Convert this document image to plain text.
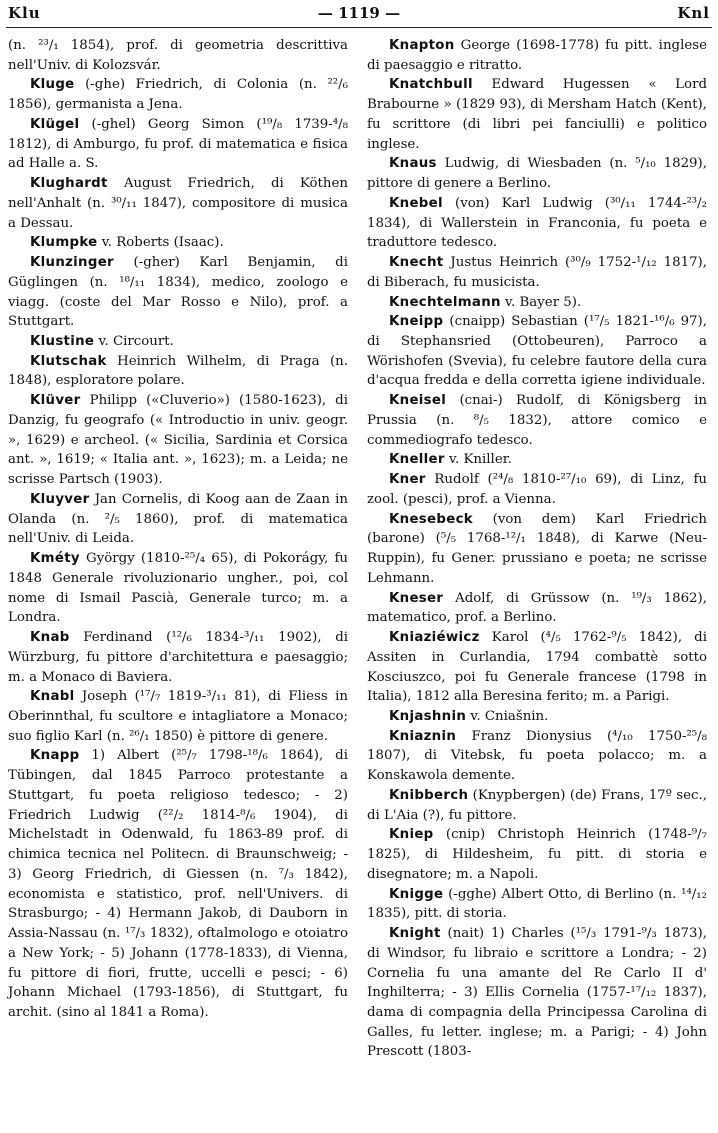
Klu	— 1119 —	Knl

(n. ²³/₁ 1854), prof. di geometria descrittiva nell'Univ. di Kolozsvár.

Kluge (-ghe) Friedrich, di Colonia (n. ²²/₆ 1856), germanista a Jena.

Klügel (-ghel) Georg Simon (¹⁹/₈ 1739-⁴/₈ 1812), di Amburgo, fu prof. di matematica e fisica ad Halle a. S.

Klughardt August Friedrich, di Köthen nell'Anhalt (n. ³⁰/₁₁ 1847), compositore di musica a Dessau.

Klumpke v. Roberts (Isaac).

Klunzinger (-gher) Karl Benjamin, di Güglingen (n. ¹⁸/₁₁ 1834), medico, zoologo e viagg. (coste del Mar Rosso e Nilo), prof. a Stuttgart.

Klustine v. Circourt.

Klutschak Heinrich Wilhelm, di Praga (n. 1848), esploratore polare.

Klüver Philipp («Cluverio») (1580-1623), di Danzig, fu geografo (« Introductio in univ. geogr. », 1629) e archeol. (« Sicilia, Sardinia et Corsica ant. », 1619; « Italia ant. », 1623); m. a Leida; ne scrisse Partsch (1903).

Kluyver Jan Cornelis, di Koog aan de Zaan in Olanda (n. ²/₅ 1860), prof. di matematica nell'Univ. di Leida.

Kméty György (1810-²⁵/₄ 65), di Pokorágy, fu 1848 Generale rivoluzionario ungher., poi, col nome di Ismail Pascià, Generale turco; m. a Londra.

Knab Ferdinand (¹²/₆ 1834-³/₁₁ 1902), di Würzburg, fu pittore d'architettura e paesaggio; m. a Monaco di Baviera.

Knabl Joseph (¹⁷/₇ 1819-³/₁₁ 81), di Fliess in Oberinnthal, fu scultore e intagliatore a Monaco; suo figlio Karl (n. ²⁶/₁ 1850) è pittore di genere.

Knapp 1) Albert (²⁵/₇ 1798-¹⁸/₆ 1864), di Tübingen, dal 1845 Parroco protestante a Stuttgart, fu poeta religioso tedesco; - 2) Friedrich Ludwig (²²/₂ 1814-⁸/₆ 1904), di Michelstadt in Odenwald, fu 1863-89 prof. di chimica tecnica nel Politecn. di Braunschweig; - 3) Georg Friedrich, di Giessen (n. ⁷/₃ 1842), economista e statistico, prof. nell'Univers. di Strasburgo; - 4) Hermann Jakob, di Dauborn in Assia-Nassau (n. ¹⁷/₃ 1832), oftalmologo e otoiatro a New York; - 5) Johann (1778-1833), di Vienna, fu pittore di fiori, frutte, uccelli e pesci; - 6) Johann Michael (1793-1856), di Stuttgart, fu archit. (sino al 1841 a Roma).

Knapton George (1698-1778) fu pitt. inglese di paesaggio e ritratto.

Knatchbull Edward Hugessen « Lord Brabourne » (1829 93), di Mersham Hatch (Kent), fu scrittore (di libri pei fanciulli) e politico inglese.

Knaus Ludwig, di Wiesbaden (n. ⁵/₁₀ 1829), pittore di genere a Berlino.

Knebel (von) Karl Ludwig (³⁰/₁₁ 1744-²³/₂ 1834), di Wallerstein in Franconia, fu poeta e traduttore tedesco.

Knecht Justus Heinrich (³⁰/₉ 1752-¹/₁₂ 1817), di Biberach, fu musicista.

Knechtelmann v. Bayer 5).

Kneipp (cnaipp) Sebastian (¹⁷/₅ 1821-¹⁶/₆ 97), di Stephansried (Ottobeuren), Parroco a Wörishofen (Svevia), fu celebre fautore della cura d'acqua fredda e della corretta igiene individuale.

Kneisel (cnai-) Rudolf, di Königsberg in Prussia (n. ⁸/₅ 1832), attore comico e commediografo tedesco.

Kneller v. Kniller.

Kner Rudolf (²⁴/₈ 1810-²⁷/₁₀ 69), di Linz, fu zool. (pesci), prof. a Vienna.

Knesebeck (von dem) Karl Friedrich (barone) (⁵/₅ 1768-¹²/₁ 1848), di Karwe (Neu-Ruppin), fu Gener. prussiano e poeta; ne scrisse Lehmann.

Kneser Adolf, di Grüssow (n. ¹⁹/₃ 1862), matematico, prof. a Berlino.

Kniaziéwicz Karol (⁴/₅ 1762-⁹/₅ 1842), di Assiten in Curlandia, 1794 combattè sotto Kosciuszco, poi fu Generale francese (1798 in Italia), 1812 alla Beresina ferito; m. a Parigi.

Knjashnin v. Cniašnin.

Kniaznin Franz Dionysius (⁴/₁₀ 1750-²⁵/₈ 1807), di Vitebsk, fu poeta polacco; m. a Konskawola demente.

Knibberch (Knypbergen) (de) Frans, 17º sec., di L'Aia (?), fu pittore.

Kniep (cnip) Christoph Heinrich (1748-⁹/₇ 1825), di Hildesheim, fu pitt. di storia e disegnatore; m. a Napoli.

Knigge (-gghe) Albert Otto, di Berlino (n. ¹⁴/₁₂ 1835), pitt. di storia.

Knight (nait) 1) Charles (¹⁵/₃ 1791-⁹/₃ 1873), di Windsor, fu libraio e scrittore a Londra; - 2) Cornelia fu una amante del Re Carlo II d' Inghilterra; - 3) Ellis Cornelia (1757-¹⁷/₁₂ 1837), dama di compagnia della Principessa Carolina di Galles, fu letter. inglese; m. a Parigi; - 4) John Prescott (1803-
